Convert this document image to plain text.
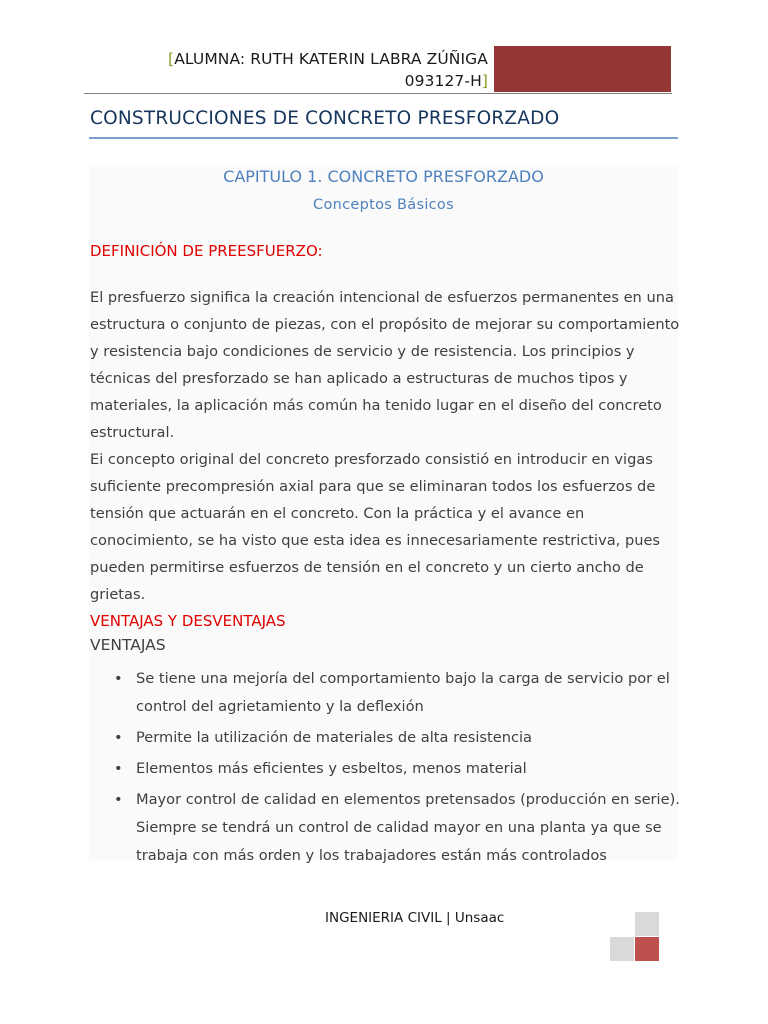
[ALUMNA: RUTH KATERIN LABRA ZÚÑIGA
093127-H]
CONSTRUCCIONES DE CONCRETO PRESFORZADO
CAPITULO 1. CONCRETO PRESFORZADO
Conceptos Básicos
DEFINICIÓN DE PREESFUERZO:

El presfuerzo significa la creación intencional de esfuerzos permanentes en una estructura o conjunto de piezas, con el propósito de mejorar su comportamiento y resistencia bajo condiciones de servicio y de resistencia. Los principios y técnicas del presforzado se han aplicado a estructuras de muchos tipos y materiales, la aplicación más común ha tenido lugar en el diseño del concreto estructural.

Ei concepto original del concreto presforzado consistió en introducir en vigas suficiente precompresión axial para que se eliminaran todos los esfuerzos de tensión que actuarán en el concreto. Con la práctica y el avance en conocimiento, se ha visto que esta idea es innecesariamente restrictiva, pues pueden permitirse esfuerzos de tensión en el concreto y un cierto ancho de grietas.

VENTAJAS Y DESVENTAJAS
VENTAJAS
• Se tiene una mejoría del comportamiento bajo la carga de servicio por el control del agrietamiento y la deflexión
• Permite la utilización de materiales de alta resistencia
• Elementos más eficientes y esbeltos, menos material
• Mayor control de calidad en elementos pretensados (producción en serie). Siempre se tendrá un control de calidad mayor en una planta ya que se trabaja con más orden y los trabajadores están más controlados
INGENIERIA CIVIL | Unsaac
